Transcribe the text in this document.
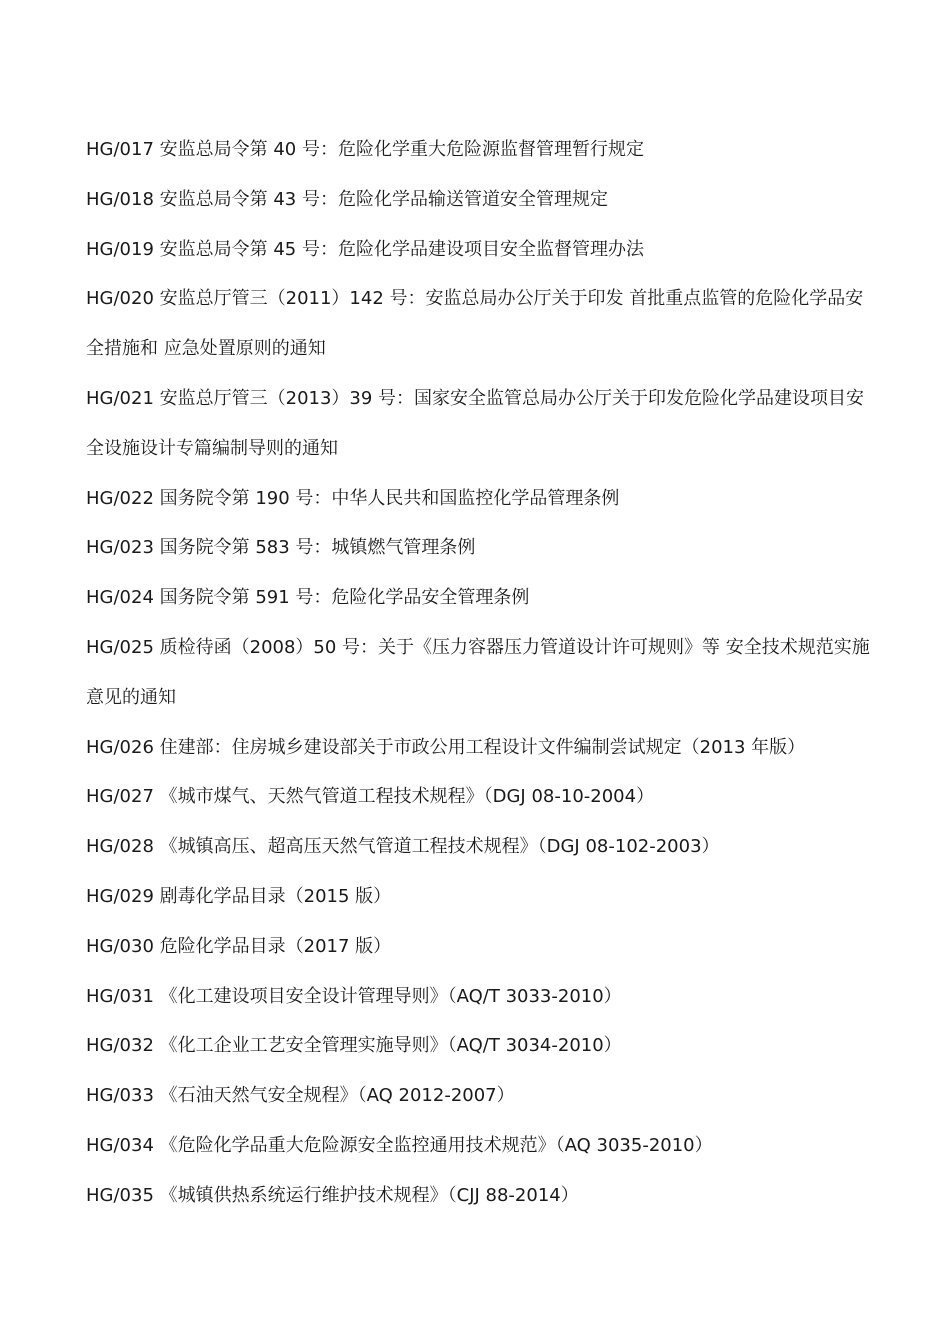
HG/017 安监总局令第 40 号：危险化学重大危险源监督管理暂行规定
HG/018 安监总局令第 43 号：危险化学品输送管道安全管理规定
HG/019 安监总局令第 45 号：危险化学品建设项目安全监督管理办法
HG/020 安监总厅管三（2011）142 号：安监总局办公厅关于印发 首批重点监管的危险化学品安全措施和 应急处置原则的通知
HG/021 安监总厅管三（2013）39 号：国家安全监管总局办公厅关于印发危险化学品建设项目安全设施设计专篇编制导则的通知
HG/022 国务院令第 190 号：中华人民共和国监控化学品管理条例
HG/023 国务院令第 583 号：城镇燃气管理条例
HG/024 国务院令第 591 号：危险化学品安全管理条例
HG/025 质检待函（2008）50 号：关于《压力容器压力管道设计许可规则》等 安全技术规范实施意见的通知
HG/026 住建部：住房城乡建设部关于市政公用工程设计文件编制尝试规定（2013 年版）
HG/027 《城市煤气、天然气管道工程技术规程》（DGJ 08-10-2004）
HG/028 《城镇高压、超高压天然气管道工程技术规程》（DGJ 08-102-2003）
HG/029 剧毒化学品目录（2015 版）
HG/030 危险化学品目录（2017 版）
HG/031 《化工建设项目安全设计管理导则》（AQ/T 3033-2010）
HG/032 《化工企业工艺安全管理实施导则》（AQ/T 3034-2010）
HG/033 《石油天然气安全规程》（AQ 2012-2007）
HG/034 《危险化学品重大危险源安全监控通用技术规范》（AQ 3035-2010）
HG/035 《城镇供热系统运行维护技术规程》（CJJ 88-2014）
